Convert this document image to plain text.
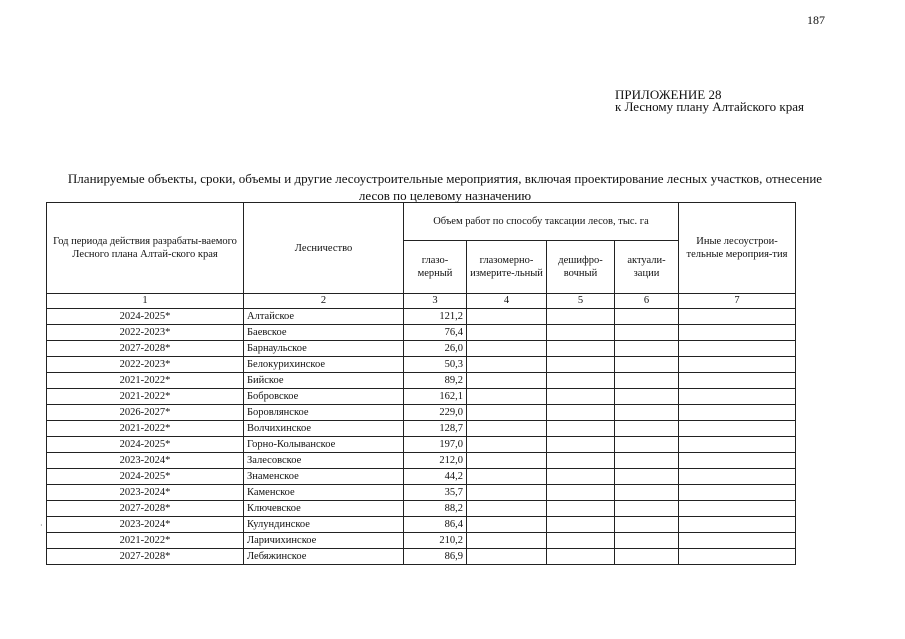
187
ПРИЛОЖЕНИЕ 28
к Лесному плану Алтайского края
Планируемые объекты, сроки, объемы и другие лесоустроительные мероприятия, включая проектирование лесных участков, отнесение лесов по целевому назначению
Год периода действия разрабаты-ваемого Лесного плана Алтай-ского края	Лесничество	Объем работ по способу таксации лесов, тыс. га				Иные лесоустрои-тельные мероприя-тия
		глазо-мерный	глазомерно-измерите-льный	дешифро-вочный	актуали-зации	
1	2	3	4	5	6	7
2024-2025*	Алтайское	121,2				
2022-2023*	Баевское	76,4				
2027-2028*	Барнаульское	26,0				
2022-2023*	Белокурихинское	50,3				
2021-2022*	Бийское	89,2				
2021-2022*	Бобровское	162,1				
2026-2027*	Боровлянское	229,0				
2021-2022*	Волчихинское	128,7				
2024-2025*	Горно-Колыванское	197,0				
2023-2024*	Залесовское	212,0				
2024-2025*	Знаменское	44,2				
2023-2024*	Каменское	35,7				
2027-2028*	Ключевское	88,2				
2023-2024*	Кулундинское	86,4				
2021-2022*	Ларичихинское	210,2				
2027-2028*	Лебяжинское	86,9				
·
